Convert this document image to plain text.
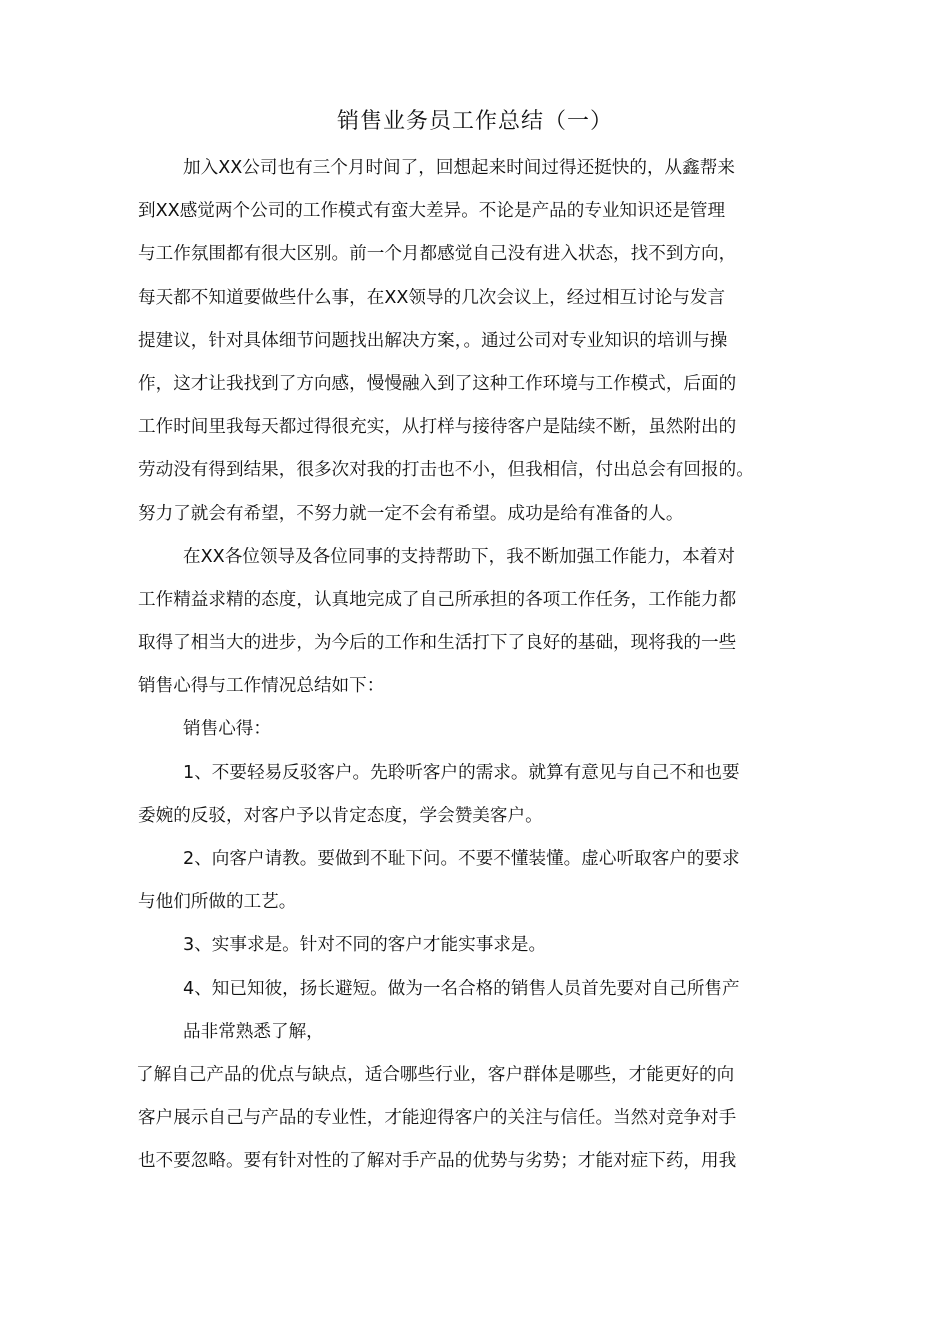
销售业务员工作总结（一）
加入XX公司也有三个月时间了，回想起来时间过得还挺快的，从鑫帮来
到XX感觉两个公司的工作模式有蛮大差异。不论是产品的专业知识还是管理
与工作氛围都有很大区别。前一个月都感觉自己没有进入状态，找不到方向，
每天都不知道要做些什么事，在XX领导的几次会议上，经过相互讨论与发言
提建议，针对具体细节问题找出解决方案，。通过公司对专业知识的培训与操
作，这才让我找到了方向感，慢慢融入到了这种工作环境与工作模式，后面的
工作时间里我每天都过得很充实，从打样与接待客户是陆续不断，虽然附出的
劳动没有得到结果，很多次对我的打击也不小，但我相信，付出总会有回报的。
努力了就会有希望，不努力就一定不会有希望。成功是给有准备的人。
在XX各位领导及各位同事的支持帮助下，我不断加强工作能力，本着对
工作精益求精的态度，认真地完成了自己所承担的各项工作任务，工作能力都
取得了相当大的进步，为今后的工作和生活打下了良好的基础，现将我的一些
销售心得与工作情况总结如下：
销售心得：
1、不要轻易反驳客户。先聆听客户的需求。就算有意见与自己不和也要
委婉的反驳，对客户予以肯定态度，学会赞美客户。
2、向客户请教。要做到不耻下问。不要不懂装懂。虚心听取客户的要求
与他们所做的工艺。
3、实事求是。针对不同的客户才能实事求是。
4、知已知彼，扬长避短。做为一名合格的销售人员首先要对自己所售产
品非常熟悉了解，
了解自己产品的优点与缺点，适合哪些行业，客户群体是哪些，才能更好的向
客户展示自己与产品的专业性，才能迎得客户的关注与信任。当然对竞争对手
也不要忽略。要有针对性的了解对手产品的优势与劣势；才能对症下药，用我
